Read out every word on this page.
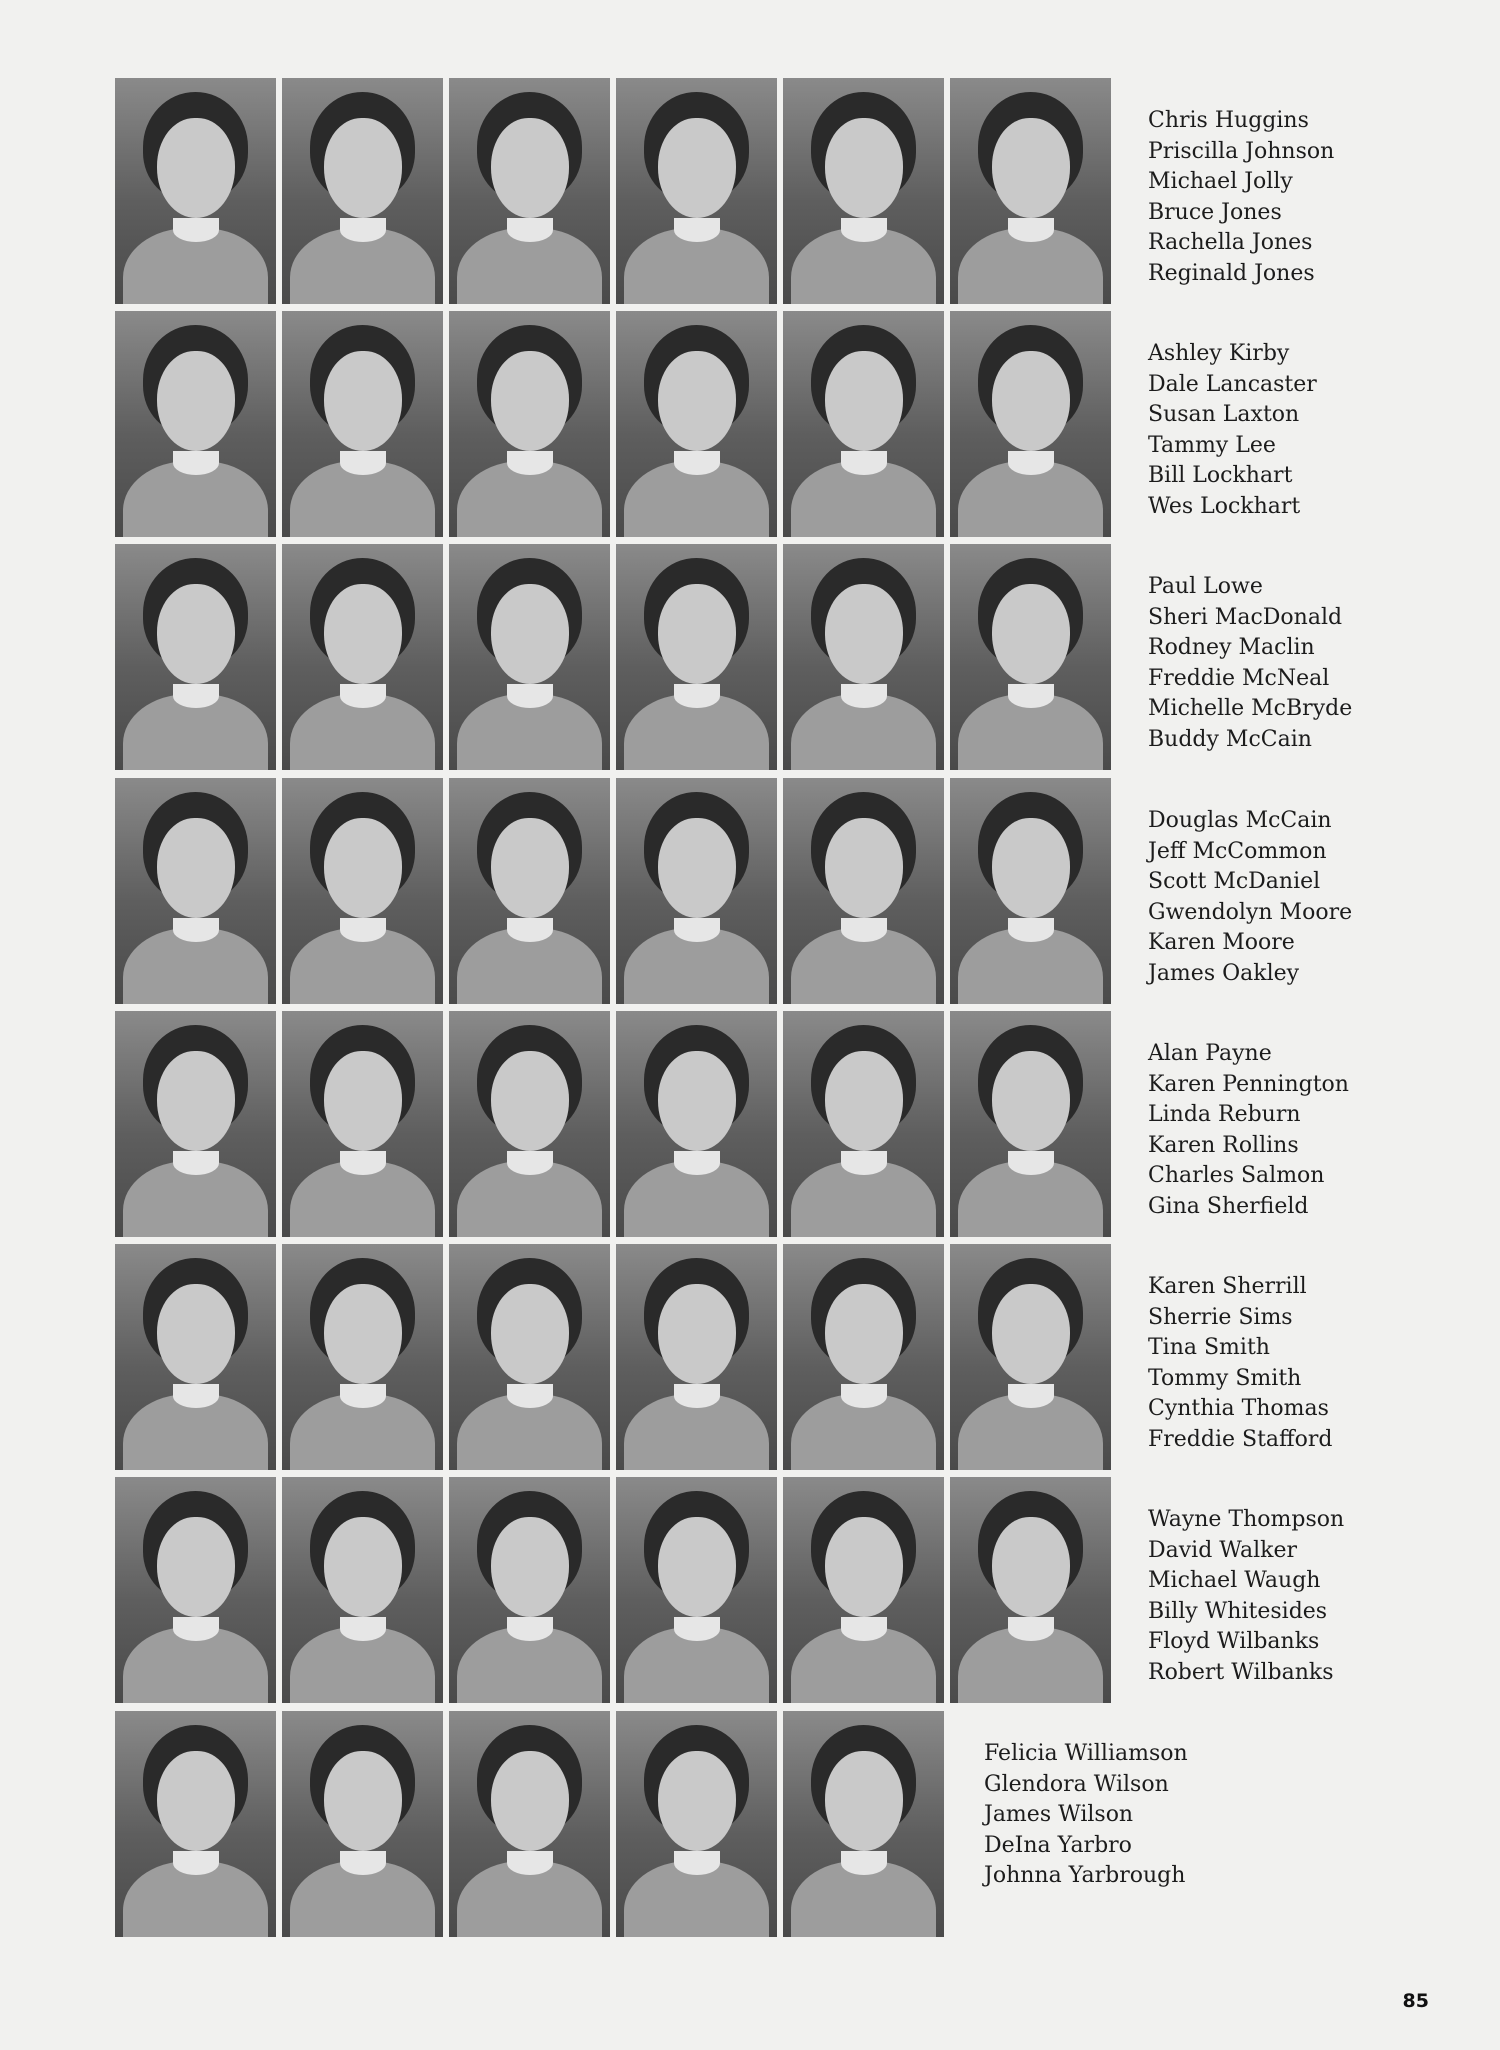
Chris Huggins
Priscilla Johnson
Michael Jolly
Bruce Jones
Rachella Jones
Reginald Jones
Ashley Kirby
Dale Lancaster
Susan Laxton
Tammy Lee
Bill Lockhart
Wes Lockhart
Paul Lowe
Sheri MacDonald
Rodney Maclin
Freddie McNeal
Michelle McBryde
Buddy McCain
Douglas McCain
Jeff McCommon
Scott McDaniel
Gwendolyn Moore
Karen Moore
James Oakley
Alan Payne
Karen Pennington
Linda Reburn
Karen Rollins
Charles Salmon
Gina Sherfield
Karen Sherrill
Sherrie Sims
Tina Smith
Tommy Smith
Cynthia Thomas
Freddie Stafford
Wayne Thompson
David Walker
Michael Waugh
Billy Whitesides
Floyd Wilbanks
Robert Wilbanks
Felicia Williamson
Glendora Wilson
James Wilson
DeIna Yarbro
Johnna Yarbrough
85
